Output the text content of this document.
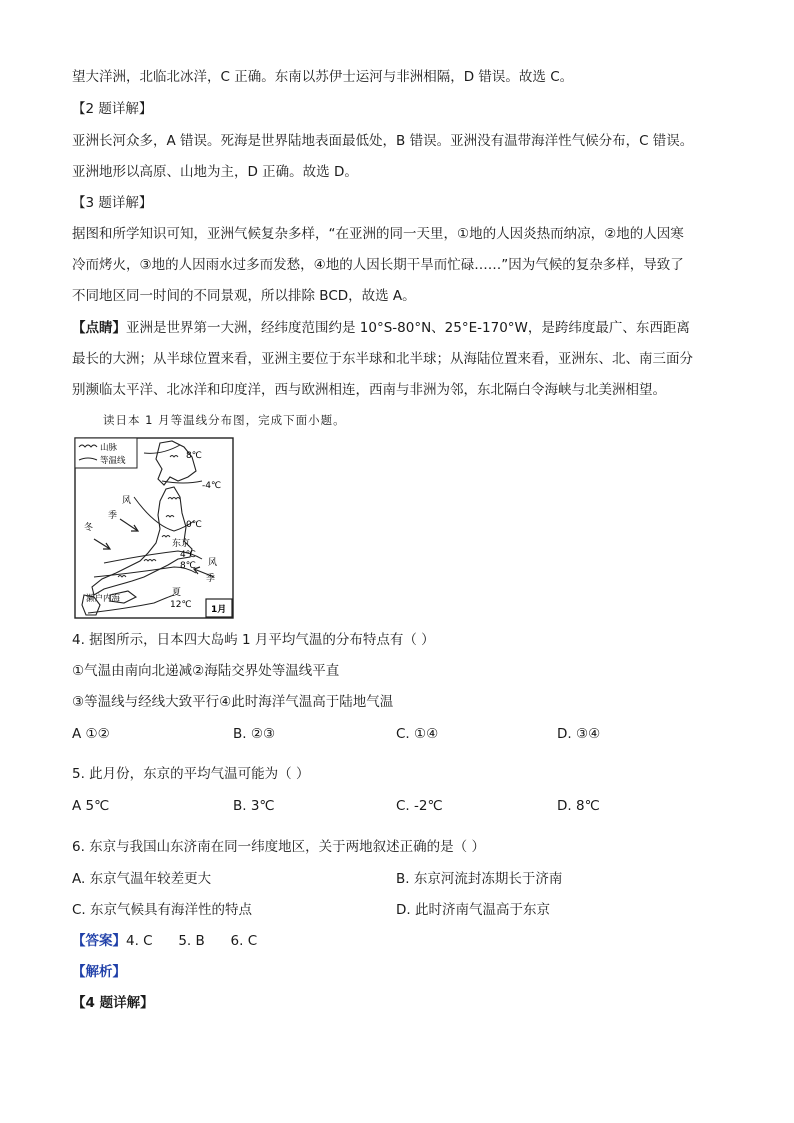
望大洋洲，北临北冰洋，C 正确。东南以苏伊士运河与非洲相隔，D 错误。故选 C。
【2 题详解】
亚洲长河众多，A 错误。死海是世界陆地表面最低处，B 错误。亚洲没有温带海洋性气候分布，C 错误。
亚洲地形以高原、山地为主，D 正确。故选 D。
【3 题详解】
据图和所学知识可知，亚洲气候复杂多样，“在亚洲的同一天里，①地的人因炎热而纳凉，②地的人因寒
冷而烤火，③地的人因雨水过多而发愁，④地的人因长期干旱而忙碌……”因为气候的复杂多样，导致了
不同地区同一时间的不同景观，所以排除 BCD，故选 A。
【点睛】亚洲是世界第一大洲，经纬度范围约是 10°S-80°N、25°E-170°W，是跨纬度最广、东西距离
最长的大洲；从半球位置来看，亚洲主要位于东半球和北半球；从海陆位置来看，亚洲东、北、南三面分
别濒临太平洋、北冰洋和印度洋，西与欧洲相连，西南与非洲为邻，东北隔白令海峡与北美洲相望。
读日本 1 月等温线分布图，完成下面小题。
山脉
等温线	8℃
-4℃
0℃
东京
4℃
8℃
12℃
风
季
冬
风
季
夏
濑户内海
1月
4. 据图所示，日本四大岛屿 1 月平均气温的分布特点有（ ）
①气温由南向北递减②海陆交界处等温线平直
③等温线与经线大致平行④此时海洋气温高于陆地气温
A ①②	B. ②③	C. ①④	D. ③④
5. 此月份，东京的平均气温可能为（ ）
A 5℃	B. 3℃	C. -2℃	D. 8℃
6. 东京与我国山东济南在同一纬度地区，关于两地叙述正确的是（ ）
A. 东京气温年较差更大	B. 东京河流封冻期长于济南
C. 东京气候具有海洋性的特点	D. 此时济南气温高于东京
【答案】4. C      5. B      6. C
【解析】
【4 题详解】
